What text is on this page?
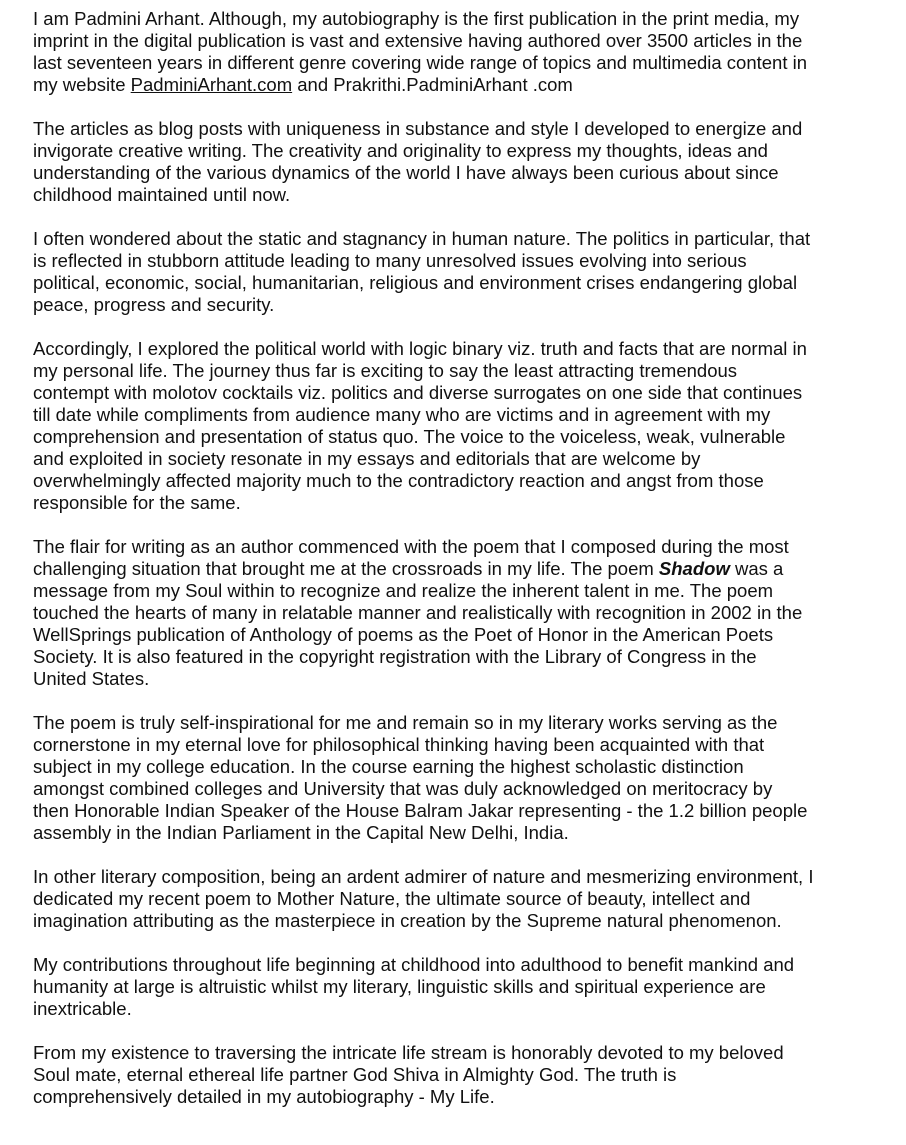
I am Padmini Arhant. Although, my autobiography is the first publication in the print media, my
imprint in the digital publication is vast and extensive having authored over 3500 articles in the
last seventeen years in different genre covering wide range of topics and multimedia content in
my website PadminiArhant.com and Prakrithi.PadminiArhant .com

The articles as blog posts with uniqueness in substance and style I developed to energize and
invigorate creative writing. The creativity and originality to express my thoughts, ideas and
understanding of the various dynamics of the world I have always been curious about since
childhood maintained until now.

I often wondered about the static and stagnancy in human nature. The politics in particular, that
is reflected in stubborn attitude leading to many unresolved issues evolving into serious
political, economic, social, humanitarian, religious and environment crises endangering global
peace, progress and security.

Accordingly, I explored the political world with logic binary viz. truth and facts that are normal in
my personal life. The journey thus far is exciting to say the least attracting tremendous
contempt with molotov cocktails viz. politics and diverse surrogates on one side that continues
till date while compliments from audience many who are victims and in agreement with my
comprehension and presentation of status quo. The voice to the voiceless, weak, vulnerable
and exploited in society resonate in my essays and editorials that are welcome by
overwhelmingly affected majority much to the contradictory reaction and angst from those
responsible for the same.

The flair for writing as an author commenced with the poem that I composed during the most
challenging situation that brought me at the crossroads in my life. The poem Shadow was a
message from my Soul within to recognize and realize the inherent talent in me. The poem
touched the hearts of many in relatable manner and realistically with recognition in 2002 in the
WellSprings publication of Anthology of poems as the Poet of Honor in the American Poets
Society. It is also featured in the copyright registration with the Library of Congress in the
United States.

The poem is truly self-inspirational for me and remain so in my literary works serving as the
cornerstone in my eternal love for philosophical thinking having been acquainted with that
subject in my college education. In the course earning the highest scholastic distinction
amongst combined colleges and University that was duly acknowledged on meritocracy by
then Honorable Indian Speaker of the House Balram Jakar representing - the 1.2 billion people
assembly in the Indian Parliament in the Capital New Delhi, India.

In other literary composition, being an ardent admirer of nature and mesmerizing environment, I
dedicated my recent poem to Mother Nature, the ultimate source of beauty, intellect and
imagination attributing as the masterpiece in creation by the Supreme natural phenomenon.

My contributions throughout life beginning at childhood into adulthood to benefit mankind and
humanity at large is altruistic whilst my literary, linguistic skills and spiritual experience are
inextricable.

From my existence to traversing the intricate life stream is honorably devoted to my beloved
Soul mate, eternal ethereal life partner God Shiva in Almighty God. The truth is
comprehensively detailed in my autobiography - My Life.
